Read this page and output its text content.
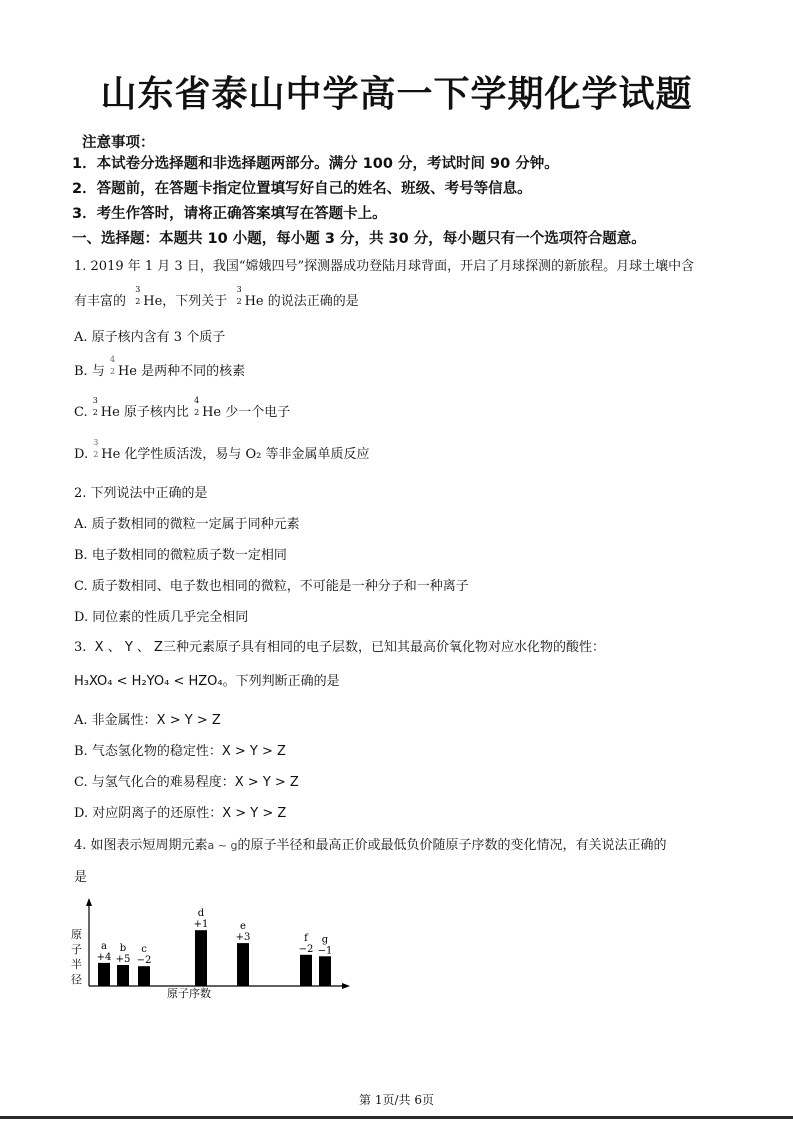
山东省泰山中学高一下学期化学试题
注意事项：
1．本试卷分选择题和非选择题两部分。满分 100 分，考试时间 90 分钟。
2．答题前，在答题卡指定位置填写好自己的姓名、班级、考号等信息。
3．考生作答时，请将正确答案填写在答题卡上。
一、选择题：本题共 10 小题，每小题 3 分，共 30 分，每小题只有一个选项符合题意。
1. 2019 年 1 月 3 日，我国“嫦娥四号”探测器成功登陆月球背面，开启了月球探测的新旅程。月球土壤中含
有丰富的
3
2 He，下列关于
3
2 He 的说法正确的是
A. 原子核内含有 3 个质子
B. 与
4
2 He 是两种不同的核素
C.
3
2 He 原子核内比
4
2 He 少一个电子
D.
3
2 He 化学性质活泼，易与 O₂ 等非金属单质反应
2. 下列说法中正确的是
A. 质子数相同的微粒一定属于同种元素
B. 电子数相同的微粒质子数一定相同
C. 质子数相同、电子数也相同的微粒，不可能是一种分子和一种离子
D. 同位素的性质几乎完全相同
3. X 、 Y 、 Z三种元素原子具有相同的电子层数，已知其最高价氧化物对应水化物的酸性：
H₃XO₄ < H₂YO₄ < HZO₄。下列判断正确的是
A. 非金属性：X > Y > Z
B. 气态氢化物的稳定性：X > Y > Z
C. 与氢气化合的难易程度：X > Y > Z
D. 对应阴离子的还原性：X > Y > Z
4. 如图表示短周期元素a ~ g的原子半径和最高正价或最低负价随原子序数的变化情况，有关说法正确的
是
原
子
半
径
原子序数
+4
a
+5
b
−2
c
+1
d
+3
e
−2
f
−1
g
第 1页/共 6页
